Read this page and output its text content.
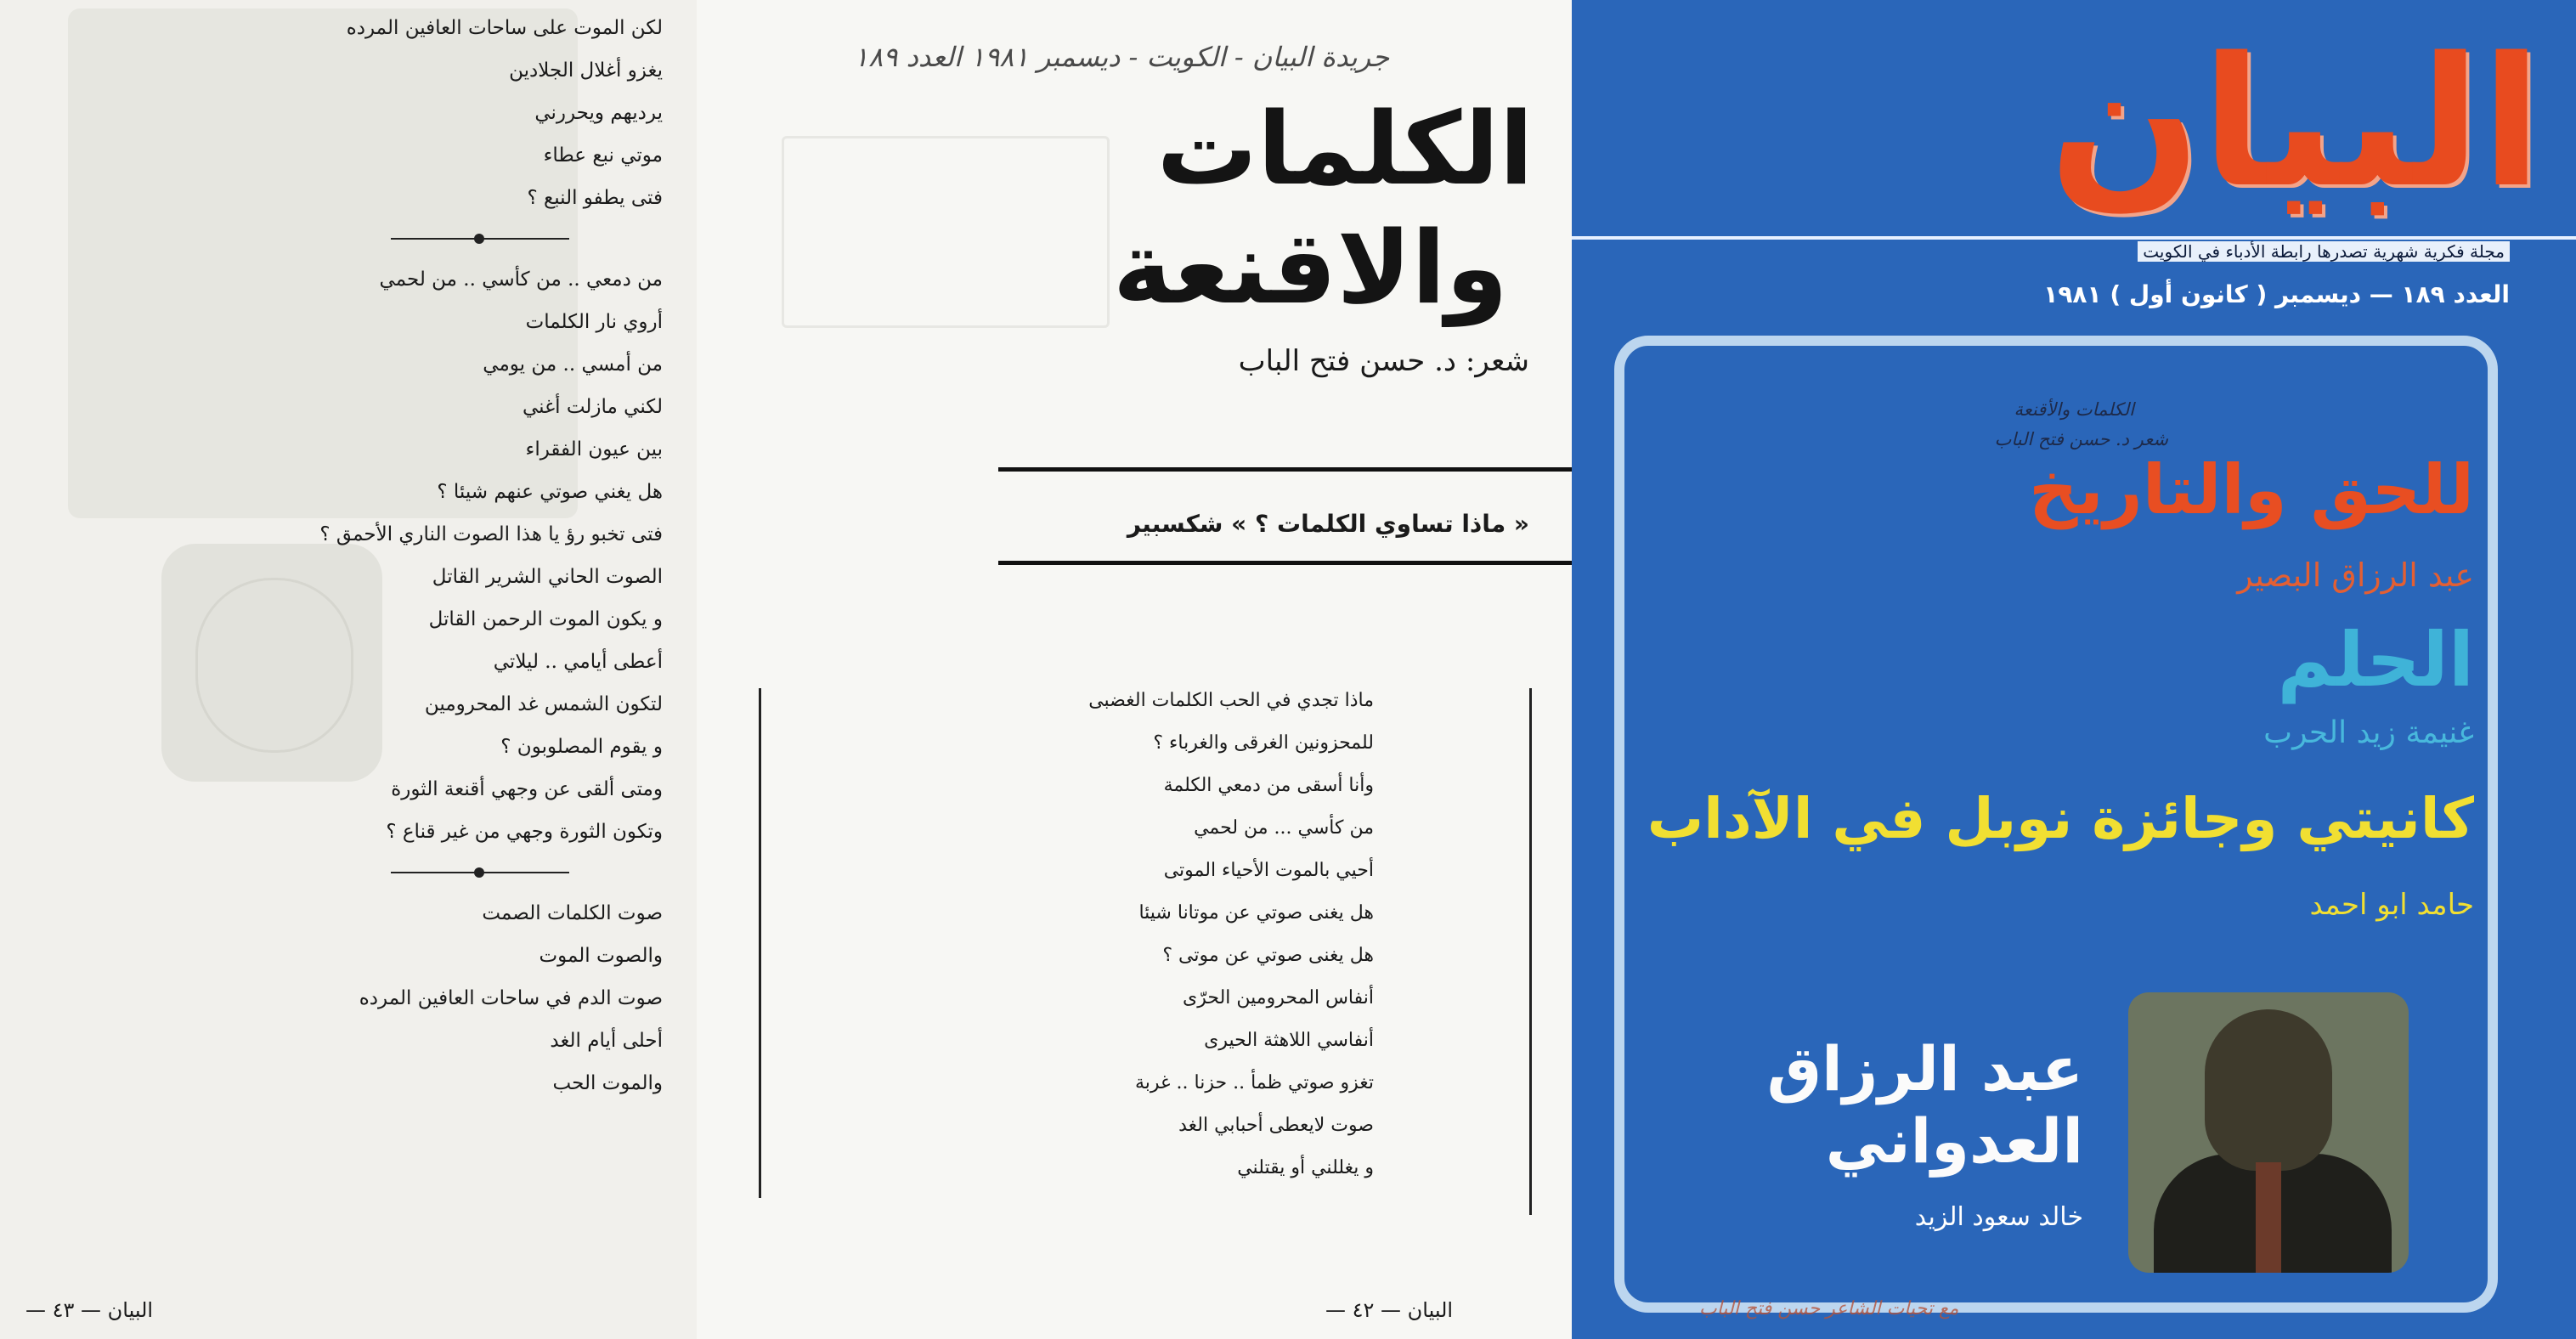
لكن الموت على ساحات العافين المرده
يغزو أغلال الجلادين
يرديهم ويحررني
موتي نبع عطاء
فتى يطفو النبع ؟
من دمعي .. من كأسي .. من لحمي
أروي نار الكلمات
من أمسي .. من يومي
لكني مازلت أغني
بين عيون الفقراء
هل يغني صوتي عنهم شيئا ؟
فتى تخبو رؤ يا هذا الصوت الناري الأحمق ؟
الصوت الحاني الشرير القاتل
و يكون الموت الرحمن القاتل
أعطى أيامي .. ليلاتي
لتكون الشمس غد المحرومين
و يقوم المصلوبون ؟
ومتى ألقى عن وجهي أقنعة الثورة
وتكون الثورة وجهي من غير قناع ؟
صوت الكلمات الصمت
والصوت الموت
صوت الدم في ساحات العافين المرده
أحلى أيام الغد
والموت الحب
البيان — ٤٣ —
جريدة البيان - الكويت - ديسمبر ١٩٨١ العدد ١٨٩
الكلمات
والاقنعة
شعر: د. حسن فتح الباب
« ماذا تساوي الكلمات ؟ » شكسبير
ماذا تجدي في الحب الكلمات الغضبى
للمحزونين الغرقى والغرباء ؟
وأنا أسقى من دمعي الكلمة
من كأسي ... من لحمي
أحيي بالموت الأحياء الموتى
هل يغنى صوتي عن موتانا شيئا
هل يغنى صوتي عن موتى ؟
أنفاس المحرومين الحرّى
أنفاسي اللاهثة الحيرى
تغزو صوتي ظمأ .. حزنا .. غربة
صوت لايعطى أحبابي الغد
و يغللني أو يقتلني
البيان — ٤٢ —
البيان
مجلة فكرية شهرية تصدرها رابطة الأدباء في الكويت
العدد ١٨٩ — ديسمبر ( كانون أول ) ١٩٨١
الكلمات والأقنعة
شعر د. حسن فتح الباب
للحق والتاريخ
عبد الرزاق البصير
الحلم
غنيمة زيد الحرب
كانيتي وجائزة نوبل في الآداب
حامد ابو احمد
عبد الرزاق
العدواني
خالد سعود الزيد
مع تحيات الشاعر حسن فتح الباب
